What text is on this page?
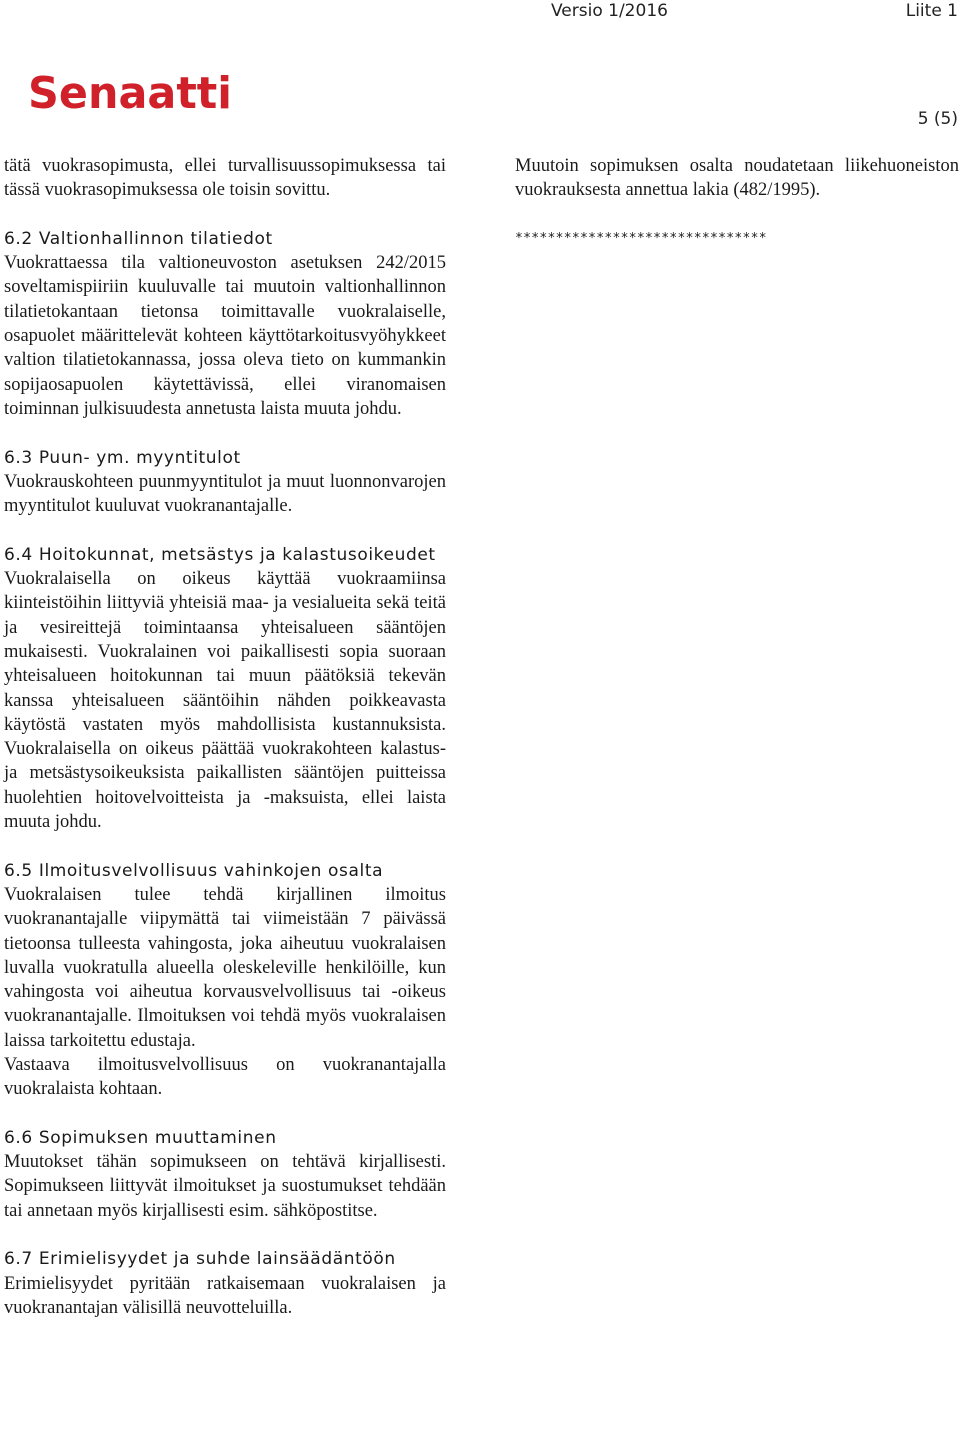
Versio 1/2016	Liite 1
Senaatti	5 (5)

tätä vuokrasopimusta, ellei turvallisuussopimuksessa tai tässä vuokrasopimuksessa ole toisin sovittu.

6.2 Valtionhallinnon tilatiedot

Vuokrattaessa tila valtioneuvoston asetuksen 242/2015 soveltamispiiriin kuuluvalle tai muutoin valtionhallinnon tilatietokantaan tietonsa toimittavalle vuokralaiselle, osapuolet määrittelevät kohteen käyttötarkoitusvyöhykkeet valtion tilatietokannassa, jossa oleva tieto on kummankin sopijaosapuolen käytettävissä, ellei viranomaisen toiminnan julkisuudesta annetusta laista muuta johdu.

6.3 Puun- ym. myyntitulot

Vuokrauskohteen puunmyyntitulot ja muut luonnonvarojen myyntitulot kuuluvat vuokranantajalle.

6.4 Hoitokunnat, metsästys ja kalastusoikeudet

Vuokralaisella on oikeus käyttää vuokraamiinsa kiinteistöihin liittyviä yhteisiä maa- ja vesialueita sekä teitä ja vesireittejä toimintaansa yhteisalueen sääntöjen mukaisesti. Vuokralainen voi paikallisesti sopia suoraan yhteisalueen hoitokunnan tai muun päätöksiä tekevän kanssa yhteisalueen sääntöihin nähden poikkeavasta käytöstä vastaten myös mahdollisista kustannuksista. Vuokralaisella on oikeus päättää vuokrakohteen kalastus- ja metsästysoikeuksista paikallisten sääntöjen puitteissa huolehtien hoitovelvoitteista ja -maksuista, ellei laista muuta johdu.

6.5 Ilmoitusvelvollisuus vahinkojen osalta

Vuokralaisen tulee tehdä kirjallinen ilmoitus vuokranantajalle viipymättä tai viimeistään 7 päivässä tietoonsa tulleesta vahingosta, joka aiheutuu vuokralaisen luvalla vuokratulla alueella oleskeleville henkilöille, kun vahingosta voi aiheutua korvausvelvollisuus tai -oikeus vuokranantajalle. Ilmoituksen voi tehdä myös vuokralaisen laissa tarkoitettu edustaja.

Vastaava ilmoitusvelvollisuus on vuokranantajalla vuokralaista kohtaan.

6.6 Sopimuksen muuttaminen

Muutokset tähän sopimukseen on tehtävä kirjallisesti. Sopimukseen liittyvät ilmoitukset ja suostumukset tehdään tai annetaan myös kirjallisesti esim. sähköpostitse.

6.7 Erimielisyydet ja suhde lainsäädäntöön

Erimielisyydet pyritään ratkaisemaan vuokralaisen ja vuokranantajan välisillä neuvotteluilla.

Muutoin sopimuksen osalta noudatetaan liikehuoneiston vuokrauksesta annettua lakia (482/1995).

*******************************
